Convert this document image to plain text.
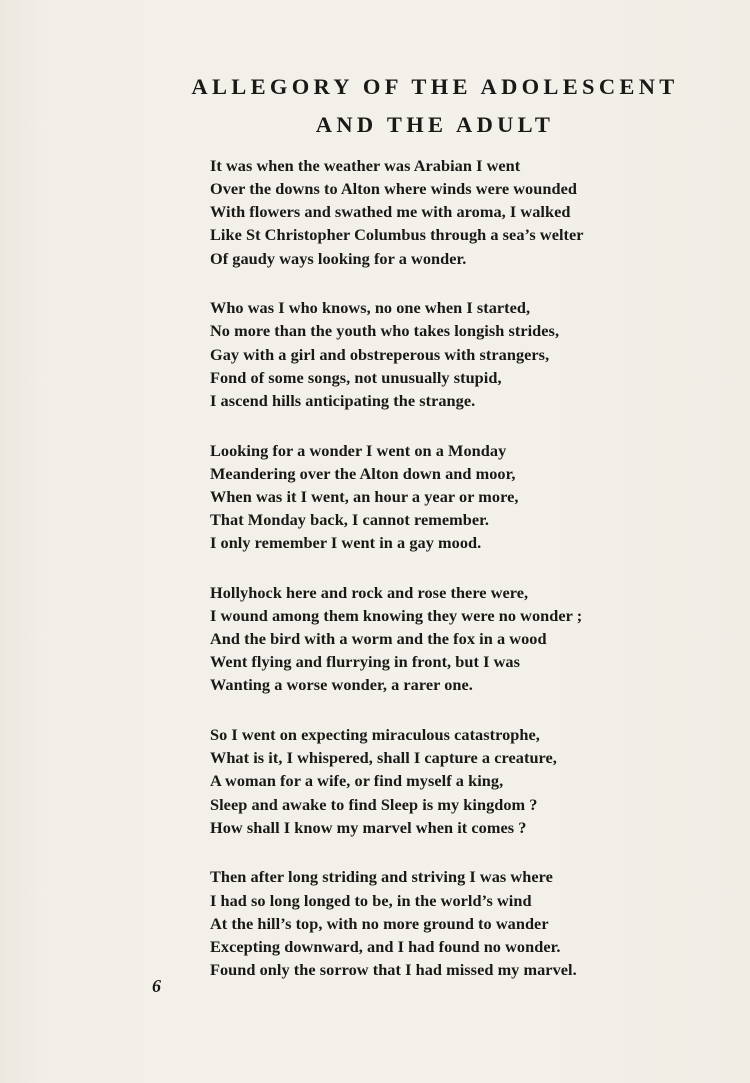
ALLEGORY OF THE ADOLESCENT
AND THE ADULT
It was when the weather was Arabian I went
Over the downs to Alton where winds were wounded
With flowers and swathed me with aroma, I walked
Like St Christopher Columbus through a sea’s welter
Of gaudy ways looking for a wonder.
Who was I who knows, no one when I started,
No more than the youth who takes longish strides,
Gay with a girl and obstreperous with strangers,
Fond of some songs, not unusually stupid,
I ascend hills anticipating the strange.
Looking for a wonder I went on a Monday
Meandering over the Alton down and moor,
When was it I went, an hour a year or more,
That Monday back, I cannot remember.
I only remember I went in a gay mood.
Hollyhock here and rock and rose there were,
I wound among them knowing they were no wonder ;
And the bird with a worm and the fox in a wood
Went flying and flurrying in front, but I was
Wanting a worse wonder, a rarer one.
So I went on expecting miraculous catastrophe,
What is it, I whispered, shall I capture a creature,
A woman for a wife, or find myself a king,
Sleep and awake to find Sleep is my kingdom ?
How shall I know my marvel when it comes ?
Then after long striding and striving I was where
I had so long longed to be, in the world’s wind
At the hill’s top, with no more ground to wander
Excepting downward, and I had found no wonder.
Found only the sorrow that I had missed my marvel.
6
